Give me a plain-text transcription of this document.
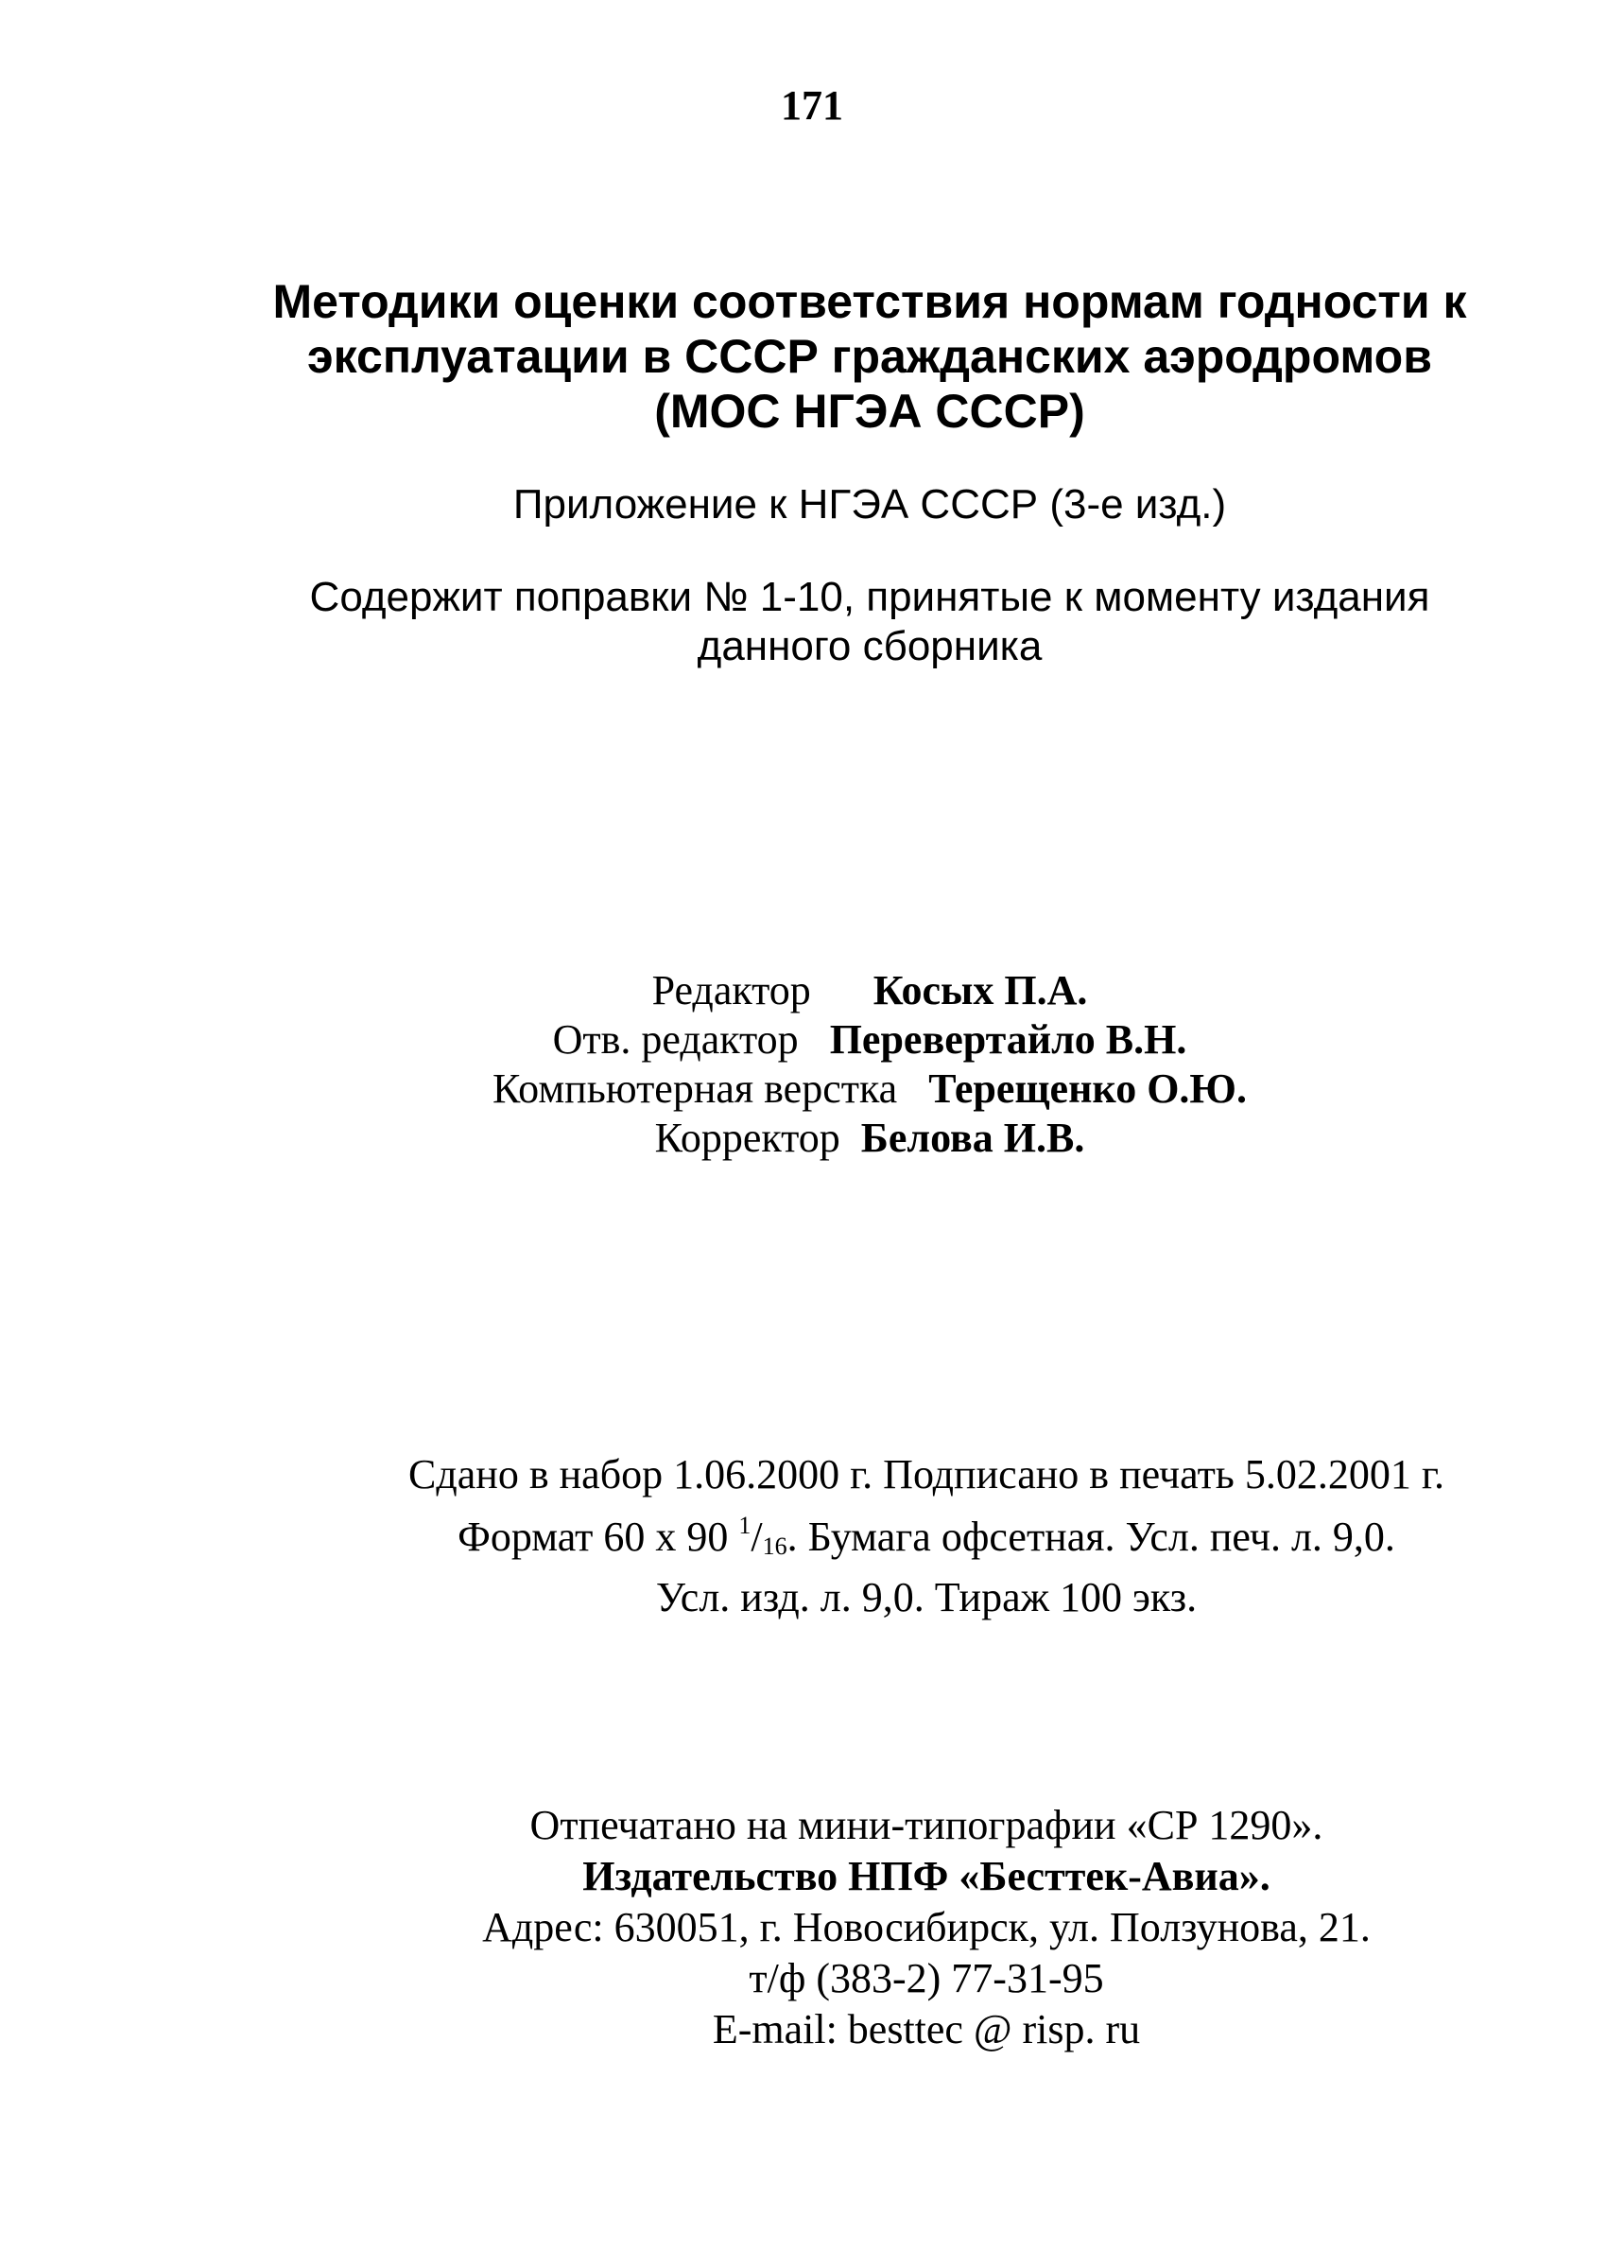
171
Методики оценки соответствия нормам годности к
эксплуатации в СССР гражданских аэродромов
(МОС НГЭА СССР)
Приложение к НГЭА СССР (3-е изд.)
Содержит поправки № 1-10, принятые к моменту издания
данного сборника
Редактор Косых П.А.
Отв. редактор Перевертайло В.Н.
Компьютерная верстка Терещенко О.Ю.
Корректор Белова И.В.
Сдано в набор 1.06.2000 г. Подписано в печать 5.02.2001 г.
Формат 60 х 90 $^1/_{16}$. Бумага офсетная. Усл. печ. л. 9,0.
Усл. изд. л. 9,0. Тираж 100 экз.
Отпечатано на мини-типографии «СР 1290».
Издательство НПФ «Бесттек-Авиа».
Адрес: 630051, г. Новосибирск, ул. Ползунова, 21.
т/ф (383-2) 77-31-95
E-mail: besttec @ risp. ru
